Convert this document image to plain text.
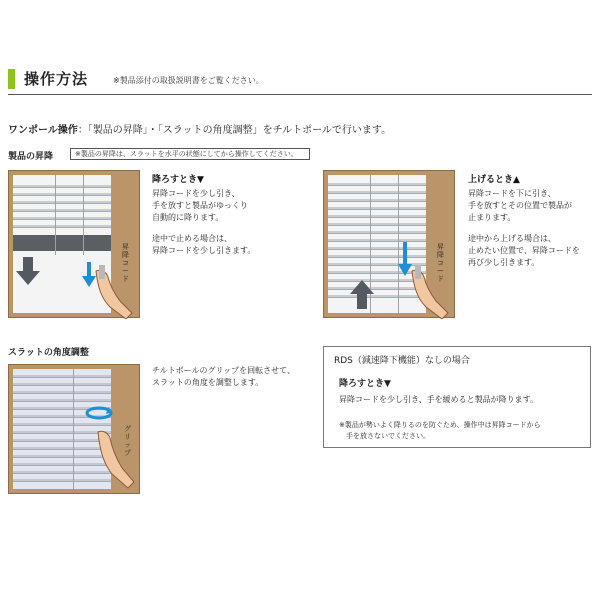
操作方法	※製品添付の取扱説明書をご覧ください。
ワンポール操作：「製品の昇降」・「スラットの角度調整」をチルトポールで行います。
製品の昇降	※製品の昇降は、スラットを水平の状態にしてから操作してください。
昇降コード
降ろすとき▼
昇降コードを少し引き、
手を放すと製品がゆっくり
自動的に降ります。
途中で止める場合は、
昇降コードを少し引きます。	昇降コード
上げるとき▲
昇降コードを下に引き、
手を放すとその位置で製品が
止まります。
途中から上げる場合は、
止めたい位置で、昇降コードを
再び少し引きます。
スラットの角度調整
グリップ
チルトポールのグリップを回転させて、
スラットの角度を調整します。
RDS（減速降下機能）なしの場合
降ろすとき▼
昇降コードを少し引き、手を緩めると製品が降ります。
※製品が勢いよく降りるのを防ぐため、操作中は昇降コードから
　手を放さないでください。
